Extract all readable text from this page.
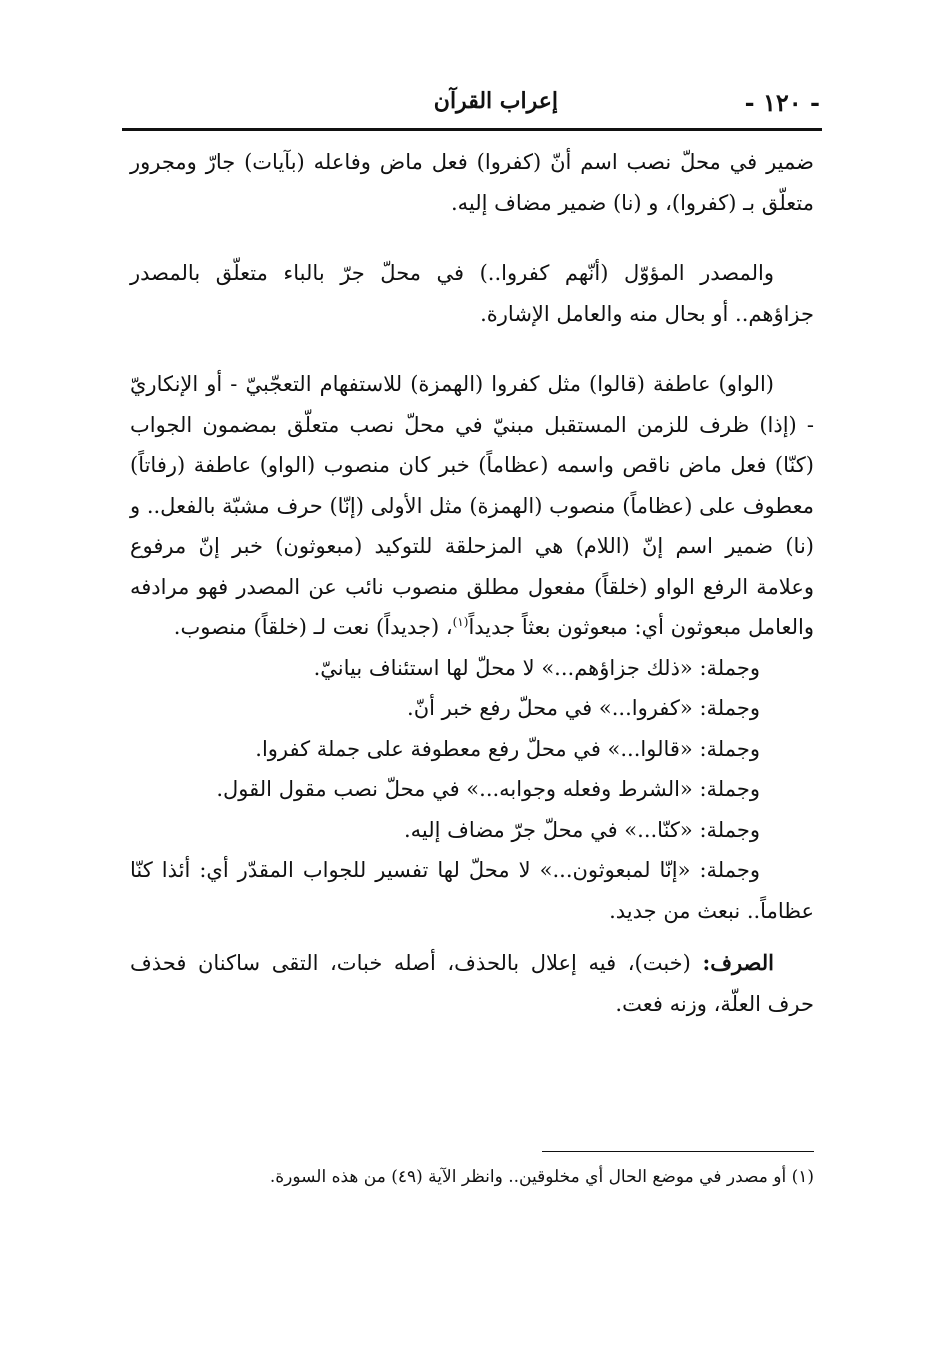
- ١٢٠ -
إعراب القرآن

ضمير في محلّ نصب اسم أنّ (كفروا) فعل ماض وفاعله (بآيات) جارّ ومجرور متعلّق بـ (كفروا)، و (نا) ضمير مضاف إليه.

والمصدر المؤوّل (أنّهم كفروا..) في محلّ جرّ بالباء متعلّق بالمصدر جزاؤهم.. أو بحال منه والعامل الإشارة.

(الواو) عاطفة (قالوا) مثل كفروا (الهمزة) للاستفهام التعجّبيّ - أو الإنكاريّ - (إذا) ظرف للزمن المستقبل مبنيّ في محلّ نصب متعلّق بمضمون الجواب (كنّا) فعل ماض ناقص واسمه (عظاماً) خبر كان منصوب (الواو) عاطفة (رفاتاً) معطوف على (عظاماً) منصوب (الهمزة) مثل الأولى (إنّا) حرف مشبّة بالفعل.. و (نا) ضمير اسم إنّ (اللام) هي المزحلقة للتوكيد (مبعوثون) خبر إنّ مرفوع وعلامة الرفع الواو (خلقاً) مفعول مطلق منصوب نائب عن المصدر فهو مرادفه والعامل مبعوثون أي: مبعوثون بعثاً جديداً$^{(١)}$، (جديداً) نعت لـ (خلقاً) منصوب.

وجملة: «ذلك جزاؤهم...» لا محلّ لها استئناف بيانيّ.

وجملة: «كفروا...» في محلّ رفع خبر أنّ.

وجملة: «قالوا...» في محلّ رفع معطوفة على جملة كفروا.

وجملة: «الشرط وفعله وجوابه...» في محلّ نصب مقول القول.

وجملة: «كنّا...» في محلّ جرّ مضاف إليه.

وجملة: «إنّا لمبعوثون...» لا محلّ لها تفسير للجواب المقدّر أي: أئذا كنّا عظاماً.. نبعث من جديد.

الصرف: (خبت)، فيه إعلال بالحذف، أصله خبات، التقى ساكنان فحذف حرف العلّة، وزنه فعت.

(١) أو مصدر في موضع الحال أي مخلوقين.. وانظر الآية (٤٩) من هذه السورة.
